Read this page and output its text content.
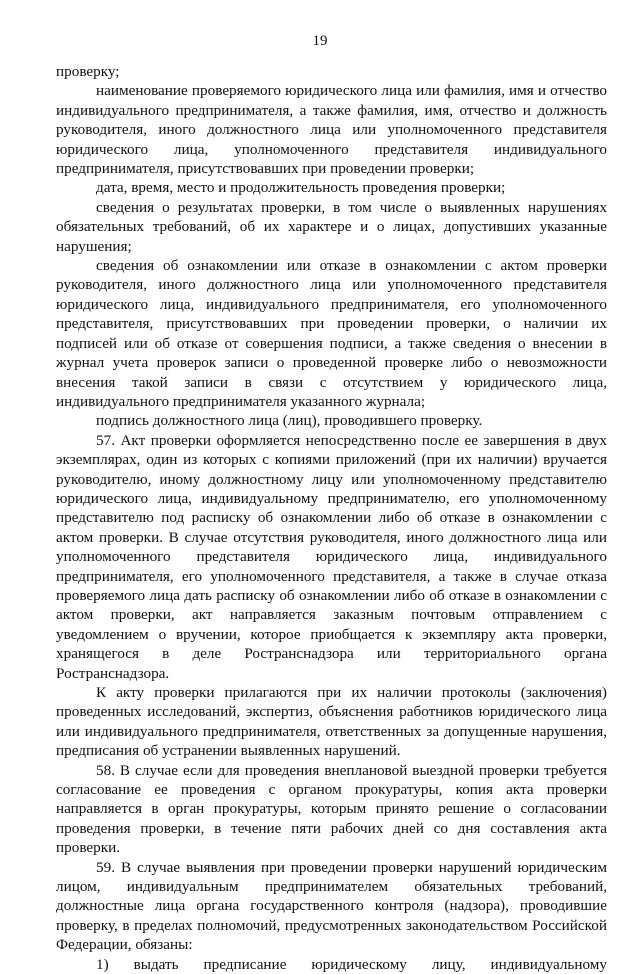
19

проверку;

наименование проверяемого юридического лица или фамилия, имя и отчество индивидуального предпринимателя, а также фамилия, имя, отчество и должность руководителя, иного должностного лица или уполномоченного представителя юридического лица, уполномоченного представителя индивидуального предпринимателя, присутствовавших при проведении проверки;

дата, время, место и продолжительность проведения проверки;

сведения о результатах проверки, в том числе о выявленных нарушениях обязательных требований, об их характере и о лицах, допустивших указанные нарушения;

сведения об ознакомлении или отказе в ознакомлении с актом проверки руководителя, иного должностного лица или уполномоченного представителя юридического лица, индивидуального предпринимателя, его уполномоченного представителя, присутствовавших при проведении проверки, о наличии их подписей или об отказе от совершения подписи, а также сведения о внесении в журнал учета проверок записи о проведенной проверке либо о невозможности внесения такой записи в связи с отсутствием у юридического лица, индивидуального предпринимателя указанного журнала;

подпись должностного лица (лиц), проводившего проверку.

57. Акт проверки оформляется непосредственно после ее завершения в двух экземплярах, один из которых с копиями приложений (при их наличии) вручается руководителю, иному должностному лицу или уполномоченному представителю юридического лица, индивидуальному предпринимателю, его уполномоченному представителю под расписку об ознакомлении либо об отказе в ознакомлении с актом проверки. В случае отсутствия руководителя, иного должностного лица или уполномоченного представителя юридического лица, индивидуального предпринимателя, его уполномоченного представителя, а также в случае отказа проверяемого лица дать расписку об ознакомлении либо об отказе в ознакомлении с актом проверки, акт направляется заказным почтовым отправлением с уведомлением о вручении, которое приобщается к экземпляру акта проверки, хранящегося в деле Ространснадзора или территориального органа Ространснадзора.

К акту проверки прилагаются при их наличии протоколы (заключения) проведенных исследований, экспертиз, объяснения работников юридического лица или индивидуального предпринимателя, ответственных за допущенные нарушения, предписания об устранении выявленных нарушений.

58. В случае если для проведения внеплановой выездной проверки требуется согласование ее проведения с органом прокуратуры, копия акта проверки направляется в орган прокуратуры, которым принято решение о согласовании проведения проверки, в течение пяти рабочих дней со дня составления акта проверки.

59. В случае выявления при проведении проверки нарушений юридическим лицом, индивидуальным предпринимателем обязательных требований, должностные лица органа государственного контроля (надзора), проводившие проверку, в пределах полномочий, предусмотренных законодательством Российской Федерации, обязаны:

1) выдать предписание юридическому лицу, индивидуальному
